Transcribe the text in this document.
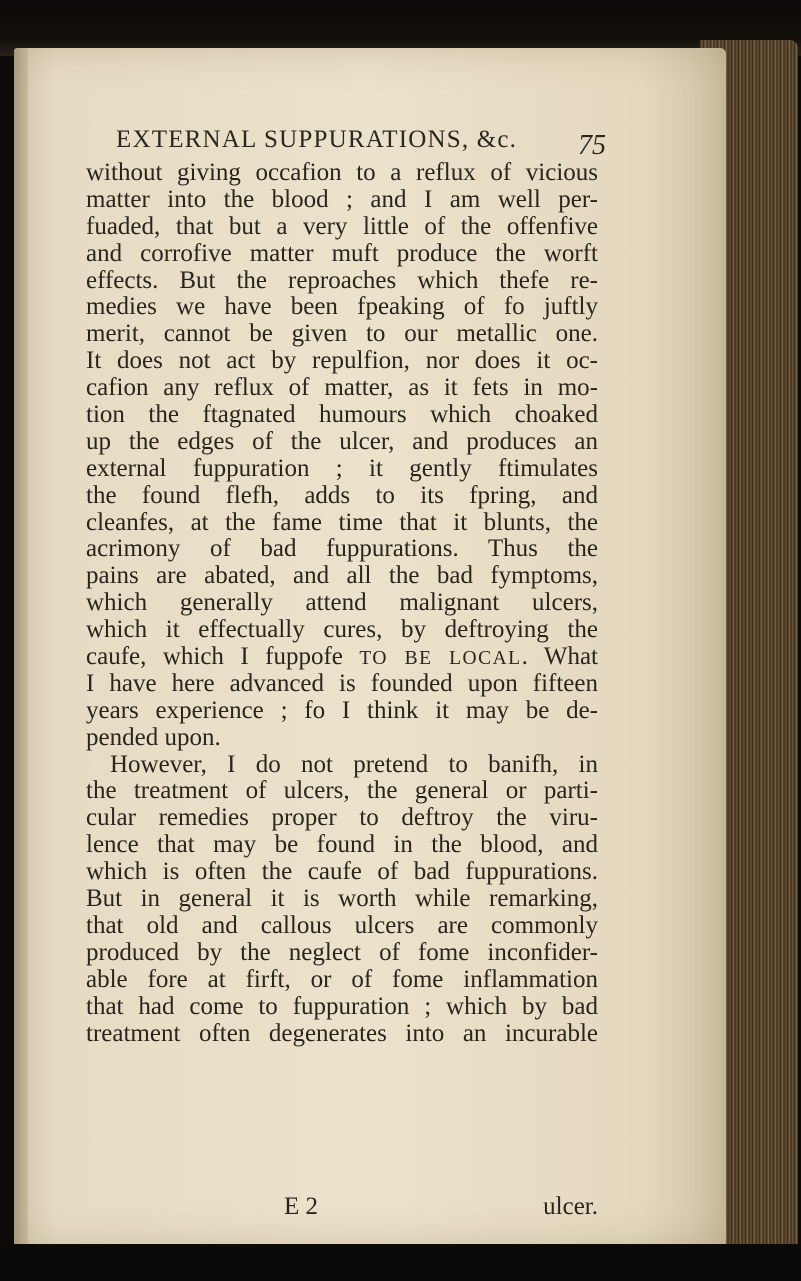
EXTERNAL SUPPURATIONS, &c. 75
without giving occafion to a reflux of vicious
matter into the blood ; and I am well per-
fuaded, that but a very little of the offenfive
and corrofive matter muft produce the worft
effects. But the reproaches which thefe re-
medies we have been fpeaking of fo juftly
merit, cannot be given to our metallic one.
It does not act by repulfion, nor does it oc-
cafion any reflux of matter, as it fets in mo-
tion the ftagnated humours which choaked
up the edges of the ulcer, and produces an
external fuppuration ; it gently ftimulates
the found flefh, adds to its fpring, and
cleanfes, at the fame time that it blunts, the
acrimony of bad fuppurations. Thus the
pains are abated, and all the bad fymptoms,
which generally attend malignant ulcers,
which it effectually cures, by deftroying the
caufe, which I fuppofe TO BE LOCAL. What
I have here advanced is founded upon fifteen
years experience ; fo I think it may be de-
pended upon.
However, I do not pretend to banifh, in
the treatment of ulcers, the general or parti-
cular remedies proper to deftroy the viru-
lence that may be found in the blood, and
which is often the caufe of bad fuppurations.
But in general it is worth while remarking,
that old and callous ulcers are commonly
produced by the neglect of fome inconfider-
able fore at firft, or of fome inflammation
that had come to fuppuration ; which by bad
treatment often degenerates into an incurable
E 2	ulcer.
